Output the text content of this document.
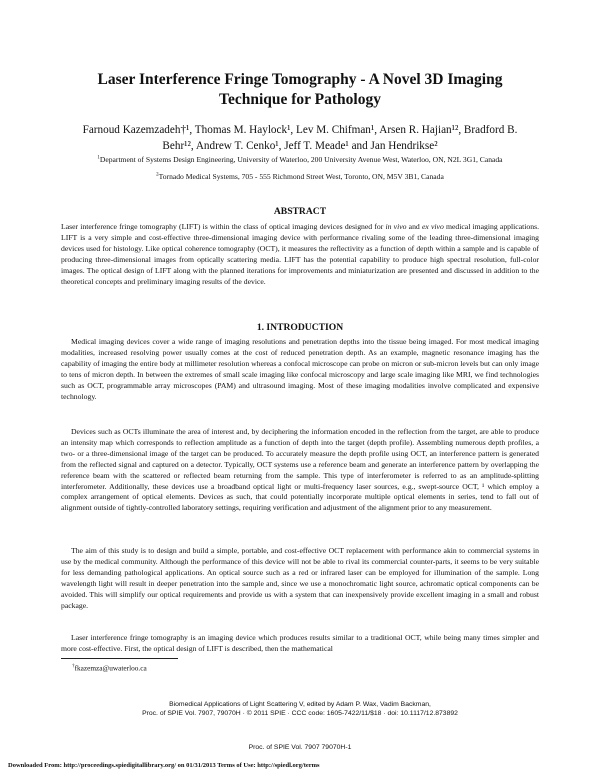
Laser Interference Fringe Tomography - A Novel 3D Imaging
Technique for Pathology
Farnoud Kazemzadeh†¹, Thomas M. Haylock¹, Lev M. Chifman¹, Arsen R. Hajian¹², Bradford B.
Behr¹², Andrew T. Cenko¹, Jeff T. Meade¹ and Jan Hendrikse²
$^1$Department of Systems Design Engineering, University of Waterloo, 200 University Avenue West, Waterloo, ON, N2L 3G1, Canada
$^2$Tornado Medical Systems, 705 - 555 Richmond Street West, Toronto, ON, M5V 3B1, Canada
ABSTRACT
Laser interference fringe tomography (LIFT) is within the class of optical imaging devices designed for in vivo and ex vivo medical imaging applications. LIFT is a very simple and cost-effective three-dimensional imaging device with performance rivaling some of the leading three-dimensional imaging devices used for histology. Like optical coherence tomography (OCT), it measures the reflectivity as a function of depth within a sample and is capable of producing three-dimensional images from optically scattering media. LIFT has the potential capability to produce high spectral resolution, full-color images. The optical design of LIFT along with the planned iterations for improvements and miniaturization are presented and discussed in addition to the theoretical concepts and preliminary imaging results of the device.
1. INTRODUCTION
Medical imaging devices cover a wide range of imaging resolutions and penetration depths into the tissue being imaged. For most medical imaging modalities, increased resolving power usually comes at the cost of reduced penetration depth. As an example, magnetic resonance imaging has the capability of imaging the entire body at millimeter resolution whereas a confocal microscope can probe on micron or sub-micron levels but can only image to tens of micron depth. In between the extremes of small scale imaging like confocal microscopy and large scale imaging like MRI, we find technologies such as OCT, programmable array microscopes (PAM) and ultrasound imaging. Most of these imaging modalities involve complicated and expensive technology.
Devices such as OCTs illuminate the area of interest and, by deciphering the information encoded in the reflection from the target, are able to produce an intensity map which corresponds to reflection amplitude as a function of depth into the target (depth profile). Assembling numerous depth profiles, a two- or a three-dimensional image of the target can be produced. To accurately measure the depth profile using OCT, an interference pattern is generated from the reflected signal and captured on a detector. Typically, OCT systems use a reference beam and generate an interference pattern by overlapping the reference beam with the scattered or reflected beam returning from the sample. This type of interferometer is referred to as an amplitude-splitting interferometer. Additionally, these devices use a broadband optical light or multi-frequency laser sources, e.g., swept-source OCT, ¹ which employ a complex arrangement of optical elements. Devices as such, that could potentially incorporate multiple optical elements in series, tend to fall out of alignment outside of tightly-controlled laboratory settings, requiring verification and adjustment of the alignment prior to any measurement.
The aim of this study is to design and build a simple, portable, and cost-effective OCT replacement with performance akin to commercial systems in use by the medical community. Although the performance of this device will not be able to rival its commercial counter-parts, it seems to be very suitable for less demanding pathological applications. An optical source such as a red or infrared laser can be employed for illumination of the sample. Long wavelength light will result in deeper penetration into the sample and, since we use a monochromatic light source, achromatic optical components can be avoided. This will simplify our optical requirements and provide us with a system that can inexpensively provide excellent imaging in a small and robust package.
Laser interference fringe tomography is an imaging device which produces results similar to a traditional OCT, while being many times simpler and more cost-effective. First, the optical design of LIFT is described, then the mathematical
†fkazemza@uwaterloo.ca
Biomedical Applications of Light Scattering V, edited by Adam P. Wax, Vadim Backman,
Proc. of SPIE Vol. 7907, 79070H · © 2011 SPIE · CCC code: 1605-7422/11/$18 · doi: 10.1117/12.873892
Proc. of SPIE Vol. 7907 79070H-1
Downloaded From: http://proceedings.spiedigitallibrary.org/ on 01/31/2013 Terms of Use: http://spiedl.org/terms
